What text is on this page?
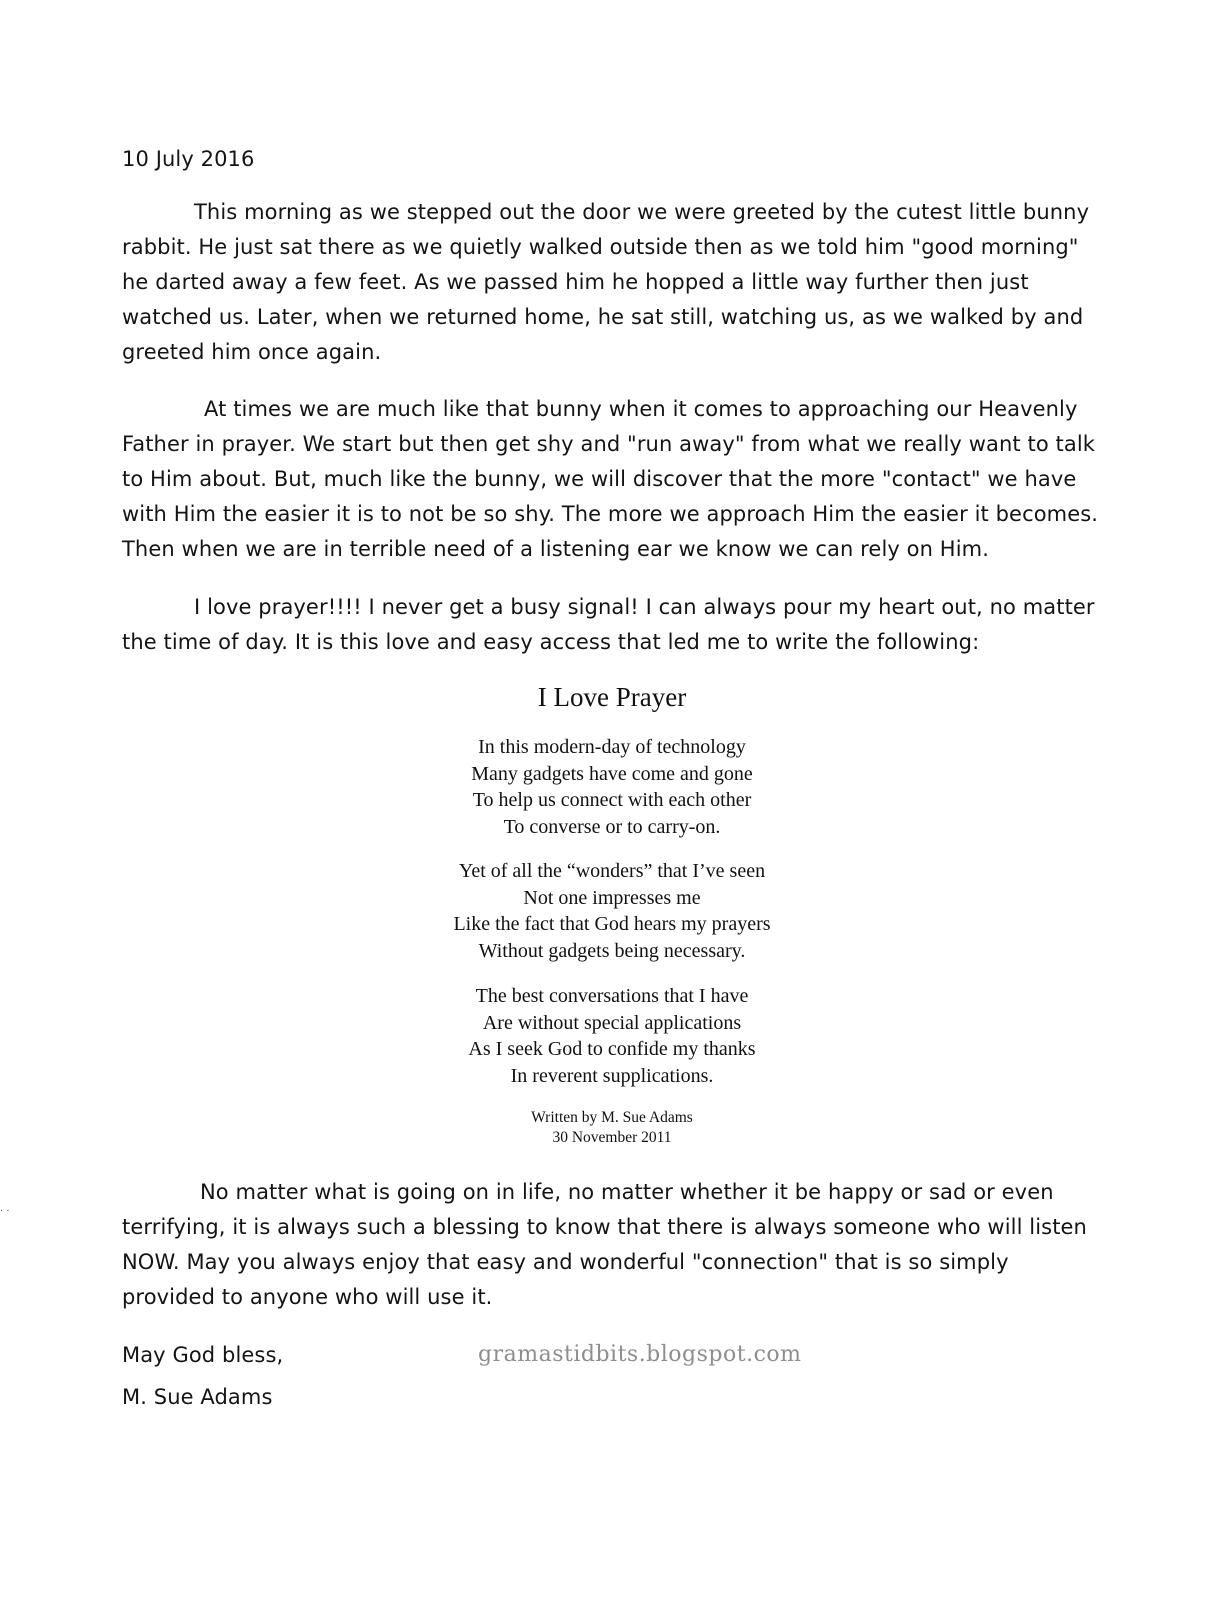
10 July 2016

This morning as we stepped out the door we were greeted by the cutest little bunny rabbit. He just sat there as we quietly walked outside then as we told him "good morning" he darted away a few feet. As we passed him he hopped a little way further then just watched us. Later, when we returned home, he sat still, watching us, as we walked by and greeted him once again.

At times we are much like that bunny when it comes to approaching our Heavenly Father in prayer. We start but then get shy and "run away" from what we really want to talk to Him about. But, much like the bunny, we will discover that the more "contact" we have with Him the easier it is to not be so shy. The more we approach Him the easier it becomes. Then when we are in terrible need of a listening ear we know we can rely on Him.

I love prayer!!!! I never get a busy signal! I can always pour my heart out, no matter the time of day. It is this love and easy access that led me to write the following:

I Love Prayer
In this modern-day of technology
Many gadgets have come and gone
To help us connect with each other
To converse or to carry-on.
Yet of all the “wonders” that I’ve seen
Not one impresses me
Like the fact that God hears my prayers
Without gadgets being necessary.
The best conversations that I have
Are without special applications
As I seek God to confide my thanks
In reverent supplications.
Written by M. Sue Adams
30 November 2011
· ·

No matter what is going on in life, no matter whether it be happy or sad or even terrifying, it is always such a blessing to know that there is always someone who will listen NOW. May you always enjoy that easy and wonderful "connection" that is so simply provided to anyone who will use it.

May God bless,
M. Sue Adams
gramastidbits.blogspot.com
